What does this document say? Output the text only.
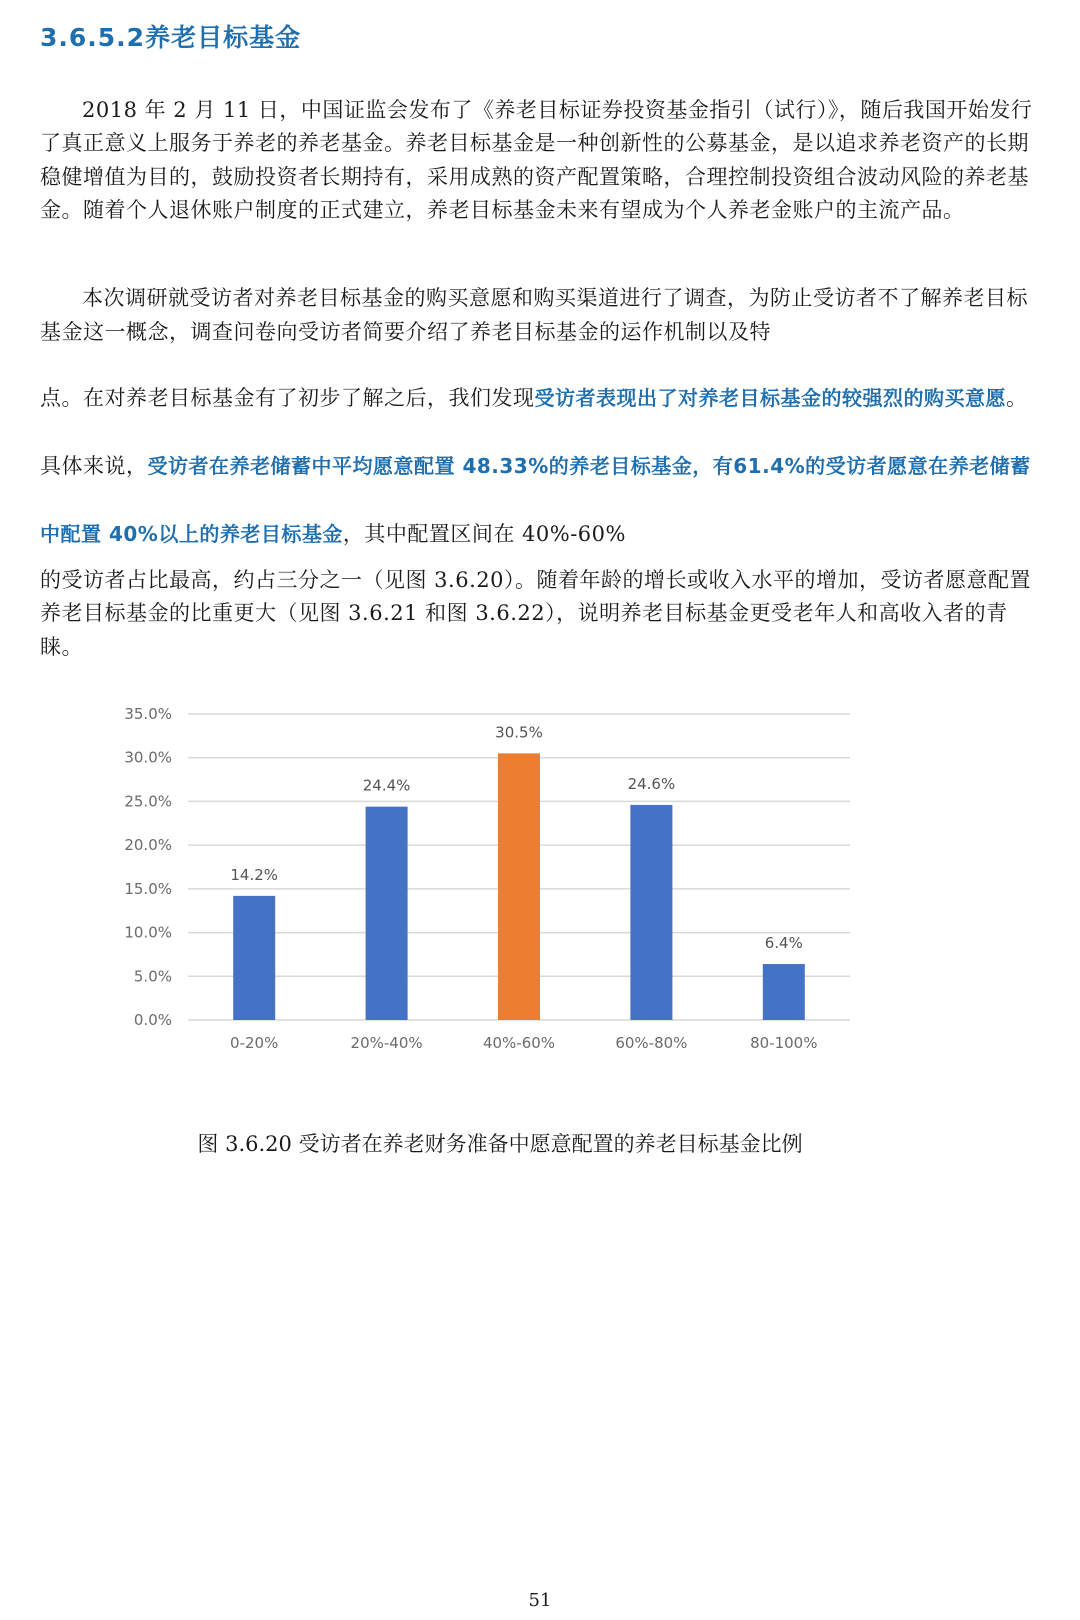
3.6.5.2养老目标基金

2018 年 2 月 11 日，中国证监会发布了《养老目标证券投资基金指引（试行）》，随后我国开始发行了真正意义上服务于养老的养老基金。养老目标基金是一种创新性的公募基金，是以追求养老资产的长期稳健增值为目的，鼓励投资者长期持有，采用成熟的资产配置策略，合理控制投资组合波动风险的养老基金。随着个人退休账户制度的正式建立，养老目标基金未来有望成为个人养老金账户的主流产品。

本次调研就受访者对养老目标基金的购买意愿和购买渠道进行了调查，为防止受访者不了解养老目标基金这一概念，调查问卷向受访者简要介绍了养老目标基金的运作机制以及特

点。在对养老目标基金有了初步了解之后，我们发现受访者表现出了对养老目标基金的较强烈的购买意愿。具体来说，受访者在养老储蓄中平均愿意配置 48.33%的养老目标基金，有61.4%的受访者愿意在养老储蓄中配置 40%以上的养老目标基金，其中配置区间在 40%-60%

的受访者占比最高，约占三分之一（见图 3.6.20）。随着年龄的增长或收入水平的增加，受访者愿意配置养老目标基金的比重更大（见图 3.6.21 和图 3.6.22），说明养老目标基金更受老年人和高收入者的青睐。

0.0%
5.0%
10.0%
15.0%
20.0%
25.0%
30.0%
35.0%
14.2%
24.4%
30.5%
24.6%
6.4%
0-20%	20%-40%	40%-60%	60%-80%	80-100%

图 3.6.20 受访者在养老财务准备中愿意配置的养老目标基金比例

51
